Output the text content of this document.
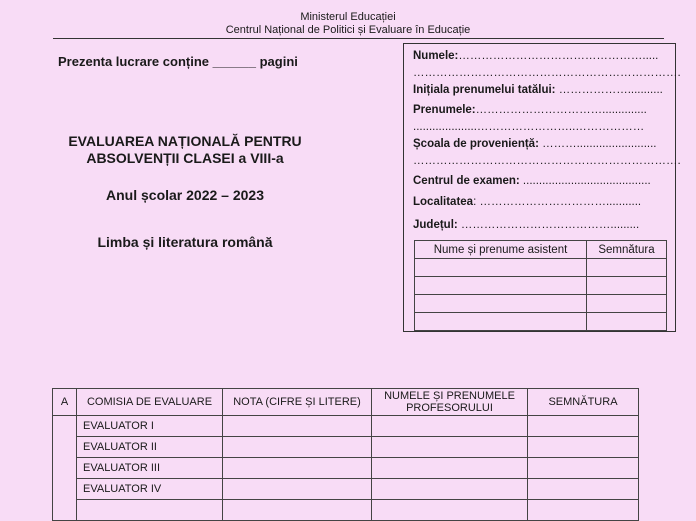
Ministerul Educației
Centrul Național de Politici și Evaluare în Educație
Prezenta lucrare conține ______ pagini
EVALUAREA NAȚIONALĂ PENTRU
ABSOLVENȚII CLASEI a VIII-a
Anul școlar 2022 – 2023
Limba și literatura română
Numele:………………………………………….....
…………………………………………………………….
Inițiala prenumelui tatălui: ………………...........
Prenumele:……………………………..............
....................……………………..………………
Școala de proveniență: ……….........................
…………………………………………………………….
Centrul de examen: ........................................
Localitatea: ……………………………...........
Județul: ………………………………….........
Nume și prenume asistent	Semnătura

A	COMISIA DE EVALUARE	NOTA (CIFRE ȘI LITERE)	NUMELE ȘI PRENUMELE PROFESORULUI	SEMNĂTURA
	EVALUATOR I			
	EVALUATOR II			
	EVALUATOR III			
	EVALUATOR IV			
